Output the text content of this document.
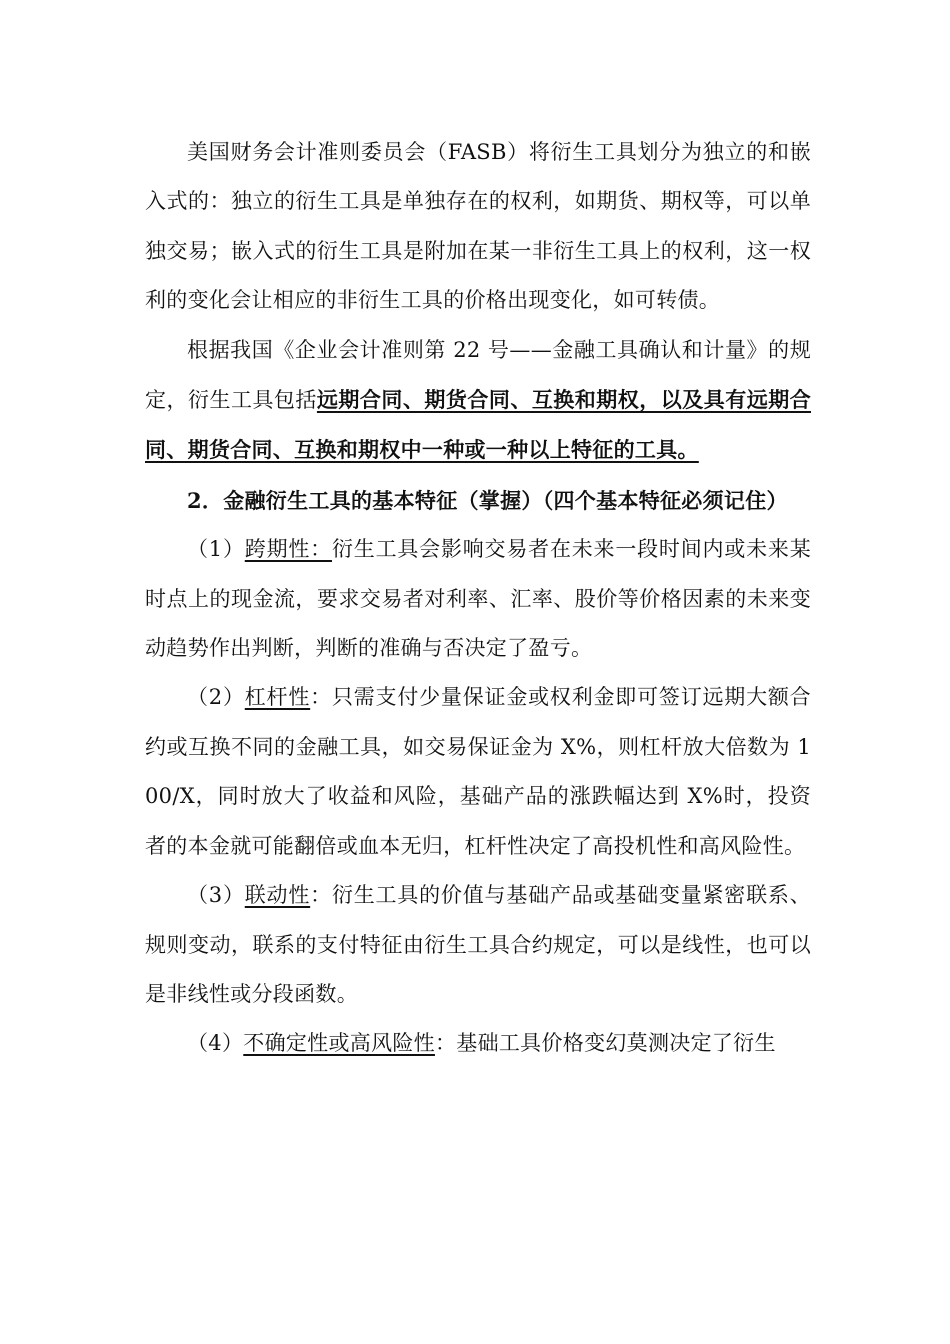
美国财务会计准则委员会（FASB）将衍生工具划分为独立的和嵌入式的：独立的衍生工具是单独存在的权利，如期货、期权等，可以单独交易；嵌入式的衍生工具是附加在某一非衍生工具上的权利，这一权利的变化会让相应的非衍生工具的价格出现变化，如可转债。

根据我国《企业会计准则第 22 号——金融工具确认和计量》的规定，衍生工具包括远期合同、期货合同、互换和期权，以及具有远期合同、期货合同、互换和期权中一种或一种以上特征的工具。

2．金融衍生工具的基本特征（掌握）（四个基本特征必须记住）

（1）跨期性：衍生工具会影响交易者在未来一段时间内或未来某时点上的现金流，要求交易者对利率、汇率、股价等价格因素的未来变动趋势作出判断，判断的准确与否决定了盈亏。

（2）杠杆性：只需支付少量保证金或权利金即可签订远期大额合约或互换不同的金融工具，如交易保证金为 X%，则杠杆放大倍数为 100/X，同时放大了收益和风险，基础产品的涨跌幅达到 X%时，投资者的本金就可能翻倍或血本无归，杠杆性决定了高投机性和高风险性。

（3）联动性：衍生工具的价值与基础产品或基础变量紧密联系、规则变动，联系的支付特征由衍生工具合约规定，可以是线性，也可以是非线性或分段函数。

（4）不确定性或高风险性：基础工具价格变幻莫测决定了衍生
